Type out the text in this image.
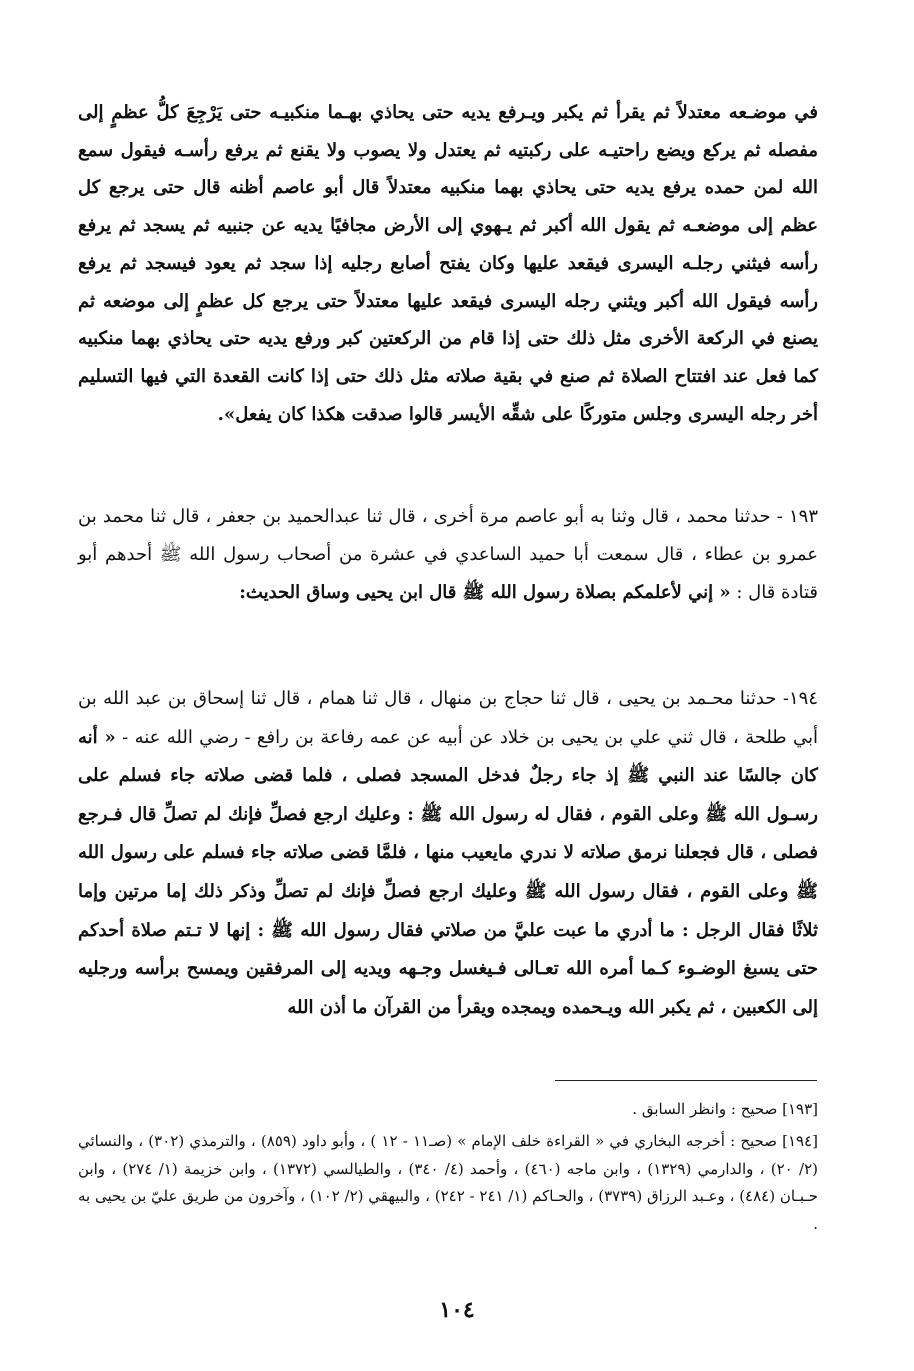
في موضـعه معتدلاً ثم يقرأ ثم يكبر ويـرفع يديه حتى يحاذي بهـما منكبيـه حتى يَرْجِعَ كلُّ عظمٍ إلى مفصله ثم يركع ويضع راحتيـه على ركبتيه ثم يعتدل ولا يصوب ولا يقنع ثم يرفع رأسـه فيقول سمع الله لمن حمده يرفع يديه حتى يحاذي بهما منكبيه معتدلاً قال أبو عاصم أظنه قال حتى يرجع كل عظم إلى موضعـه ثم يقول الله أكبر ثم يـهوي إلى الأرض مجافيًا يديه عن جنبيه ثم يسجد ثم يرفع رأسه فيثني رجلـه اليسرى فيقعد عليها وكان يفتح أصابع رجليه إذا سجد ثم يعود فيسجد ثم يرفع رأسه فيقول الله أكبر ويثني رجله اليسرى فيقعد عليها معتدلاً حتى يرجع كل عظمٍ إلى موضعه ثم يصنع في الركعة الأخرى مثل ذلك حتى إذا قام من الركعتين كبر ورفع يديه حتى يحاذي بهما منكبيه كما فعل عند افتتاح الصلاة ثم صنع في بقية صلاته مثل ذلك حتى إذا كانت القعدة التي فيها التسليم أخر رجله اليسرى وجلس متوركًا على شقِّه الأيسر قالوا صدقت هكذا كان يفعل».

١٩٣ - حدثنا محمد ، قال وثنا به أبو عاصم مرة أخرى ، قال ثنا عبدالحميد بن جعفر ، قال ثنا محمد بن عمرو بن عطاء ، قال سمعت أبا حميد الساعدي في عشرة من أصحاب رسول الله ﷺ أحدهم أبو قتادة قال : « إني لأعلمكم بصلاة رسول الله ﷺ قال ابن يحيى وساق الحديث:

١٩٤- حدثنا محـمد بن يحيى ، قال ثنا حجاج بن منهال ، قال ثنا همام ، قال ثنا إسحاق بن عبد الله بن أبي طلحة ، قال ثني علي بن يحيى بن خلاد عن أبيه عن عمه رفاعة بن رافع - رضي الله عنه - « أنه كان جالسًا عند النبي ﷺ إذ جاء رجلٌ فدخل المسجد فصلى ، فلما قضى صلاته جاء فسلم على رسـول الله ﷺ وعلى القوم ، فقال له رسول الله ﷺ : وعليك ارجع فصلِّ فإنك لم تصلِّ قال فـرجع فصلى ، قال فجعلنا نرمق صلاته لا ندري مايعيب منها ، فلمَّا قضى صلاته جاء فسلم على رسول الله ﷺ وعلى القوم ، فقال رسول الله ﷺ وعليك ارجع فصلِّ فإنك لم تصلِّ وذكر ذلك إما مرتين وإما ثلاثًا فقال الرجل : ما أدري ما عبت عليَّ من صلاتي فقال رسول الله ﷺ : إنها لا تـتم صلاة أحدكم حتى يسبغ الوضـوء كـما أمره الله تعـالى فـيغسل وجـهه ويديه إلى المرفقين ويمسح برأسه ورجليه إلى الكعبين ، ثم يكبر الله ويـحمده ويمجده ويقرأ من القرآن ما أذن الله

[١٩٣] صحيح : وانظر السابق .

[١٩٤] صحيح : أخرجه البخاري في « القراءة خلف الإمام » (صـ١١ - ١٢ ) ، وأبو داود (٨٥٩) ، والترمذي (٣٠٢) ، والنسائي (٢/ ٢٠) ، والدارمي (١٣٢٩) ، وابن ماجه (٤٦٠) ، وأحمد (٤/ ٣٤٠) ، والطيالسي (١٣٧٢) ، وابن خزيمة (١/ ٢٧٤) ، وابن حـبـان (٤٨٤) ، وعـبد الرزاق (٣٧٣٩) ، والحـاكم (١/ ٢٤١ - ٢٤٢) ، والبيهقي (٢/ ١٠٢) ، وآخرون من طريق عليّ بن يحيى به .

١٠٤
